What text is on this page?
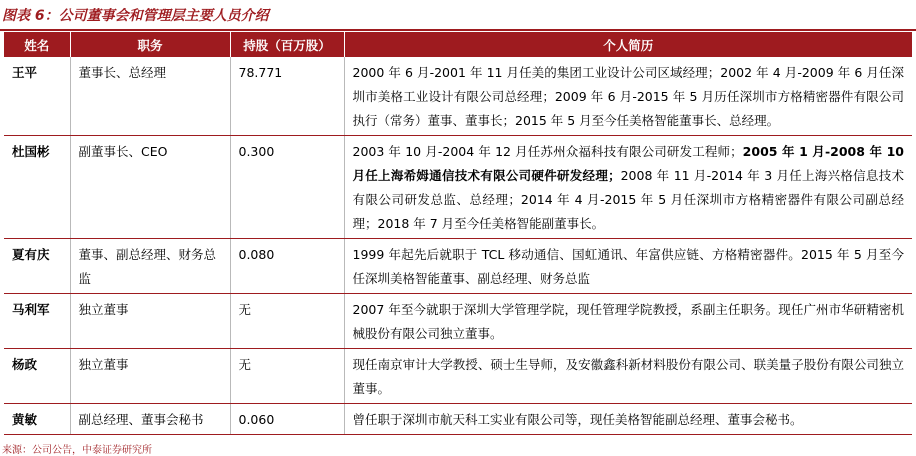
图表 6：公司董事会和管理层主要人员介绍
姓名	职务	持股（百万股）	个人简历
王平	董事长、总经理	78.771	2000 年 6 月-2001 年 11 月任美的集团工业设计公司区域经理；2002 年 4 月-2009 年 6 月任深圳市美格工业设计有限公司总经理；2009 年 6 月-2015 年 5 月历任深圳市方格精密器件有限公司执行（常务）董事、董事长；2015 年 5 月至今任美格智能董事长、总经理。
杜国彬	副董事长、CEO	0.300	2003 年 10 月-2004 年 12 月任苏州众福科技有限公司研发工程师；2005 年 1 月-2008 年 10 月任上海希姆通信技术有限公司硬件研发经理；2008 年 11 月-2014 年 3 月任上海兴格信息技术有限公司研发总监、总经理；2014 年 4 月-2015 年 5 月任深圳市方格精密器件有限公司副总经理；2018 年 7 月至今任美格智能副董事长。
夏有庆	董事、副总经理、财务总监	0.080	1999 年起先后就职于 TCL 移动通信、国虹通讯、年富供应链、方格精密器件。2015 年 5 月至今任深圳美格智能董事、副总经理、财务总监
马利军	独立董事	无	2007 年至今就职于深圳大学管理学院，现任管理学院教授，系副主任职务。现任广州市华研精密机械股份有限公司独立董事。
杨政	独立董事	无	现任南京审计大学教授、硕士生导师，及安徽鑫科新材料股份有限公司、联美量子股份有限公司独立董事。
黄敏	副总经理、董事会秘书	0.060	曾任职于深圳市航天科工实业有限公司等，现任美格智能副总经理、董事会秘书。
来源：公司公告，中泰证券研究所
